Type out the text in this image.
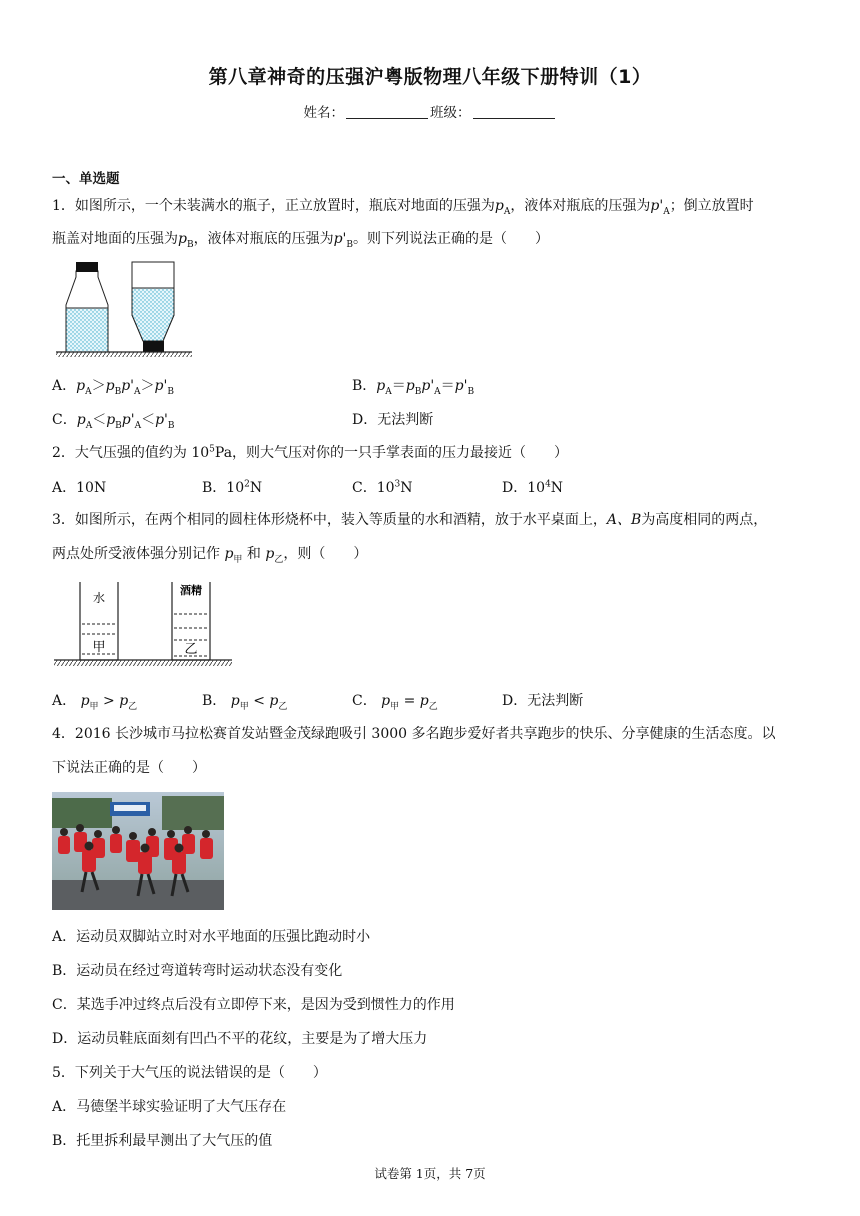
第八章神奇的压强沪粤版物理八年级下册特训（1）
姓名：	班级：
一、单选题
1．如图所示，一个未装满水的瓶子，正立放置时，瓶底对地面的压强为$p_A$，液体对瓶底的压强为$p'_A$；倒立放置时
瓶盖对地面的压强为$p_B$，液体对瓶底的压强为$p'_B$。则下列说法正确的是（　　）
A．$p_A>p_Bp'_A>p'_B$	B．$p_A=p_Bp'_A=p'_B$
C．$p_A<p_Bp'_A<p'_B$	D．无法判断
2．大气压强的值约为 $10^5Pa$，则大气压对你的一只手掌表面的压力最接近（　　）
A．10N	B．$10^2N$	C．$10^3N$	D．$10^4N$
3．如图所示，在两个相同的圆柱体形烧杯中，装入等质量的水和酒精，放于水平桌面上，A、B为高度相同的两点，
两点处所受液体强分别记作 $p_甲$ 和 $p_乙$，则（　　）
水
甲
酒精
乙
A． $p_甲 > p_乙$	B． $p_甲 < p_乙$	C． $p_甲 = p_乙$	D．无法判断
4．2016 长沙城市马拉松赛首发站暨金茂绿跑吸引 3000 多名跑步爱好者共享跑步的快乐、分享健康的生活态度。以
下说法正确的是（　　）
A．运动员双脚站立时对水平地面的压强比跑动时小
B．运动员在经过弯道转弯时运动状态没有变化
C．某选手冲过终点后没有立即停下来，是因为受到惯性力的作用
D．运动员鞋底面刻有凹凸不平的花纹，主要是为了增大压力
5．下列关于大气压的说法错误的是（　　）
A．马德堡半球实验证明了大气压存在
B．托里拆利最早测出了大气压的值
试卷第 1页，共 7页
